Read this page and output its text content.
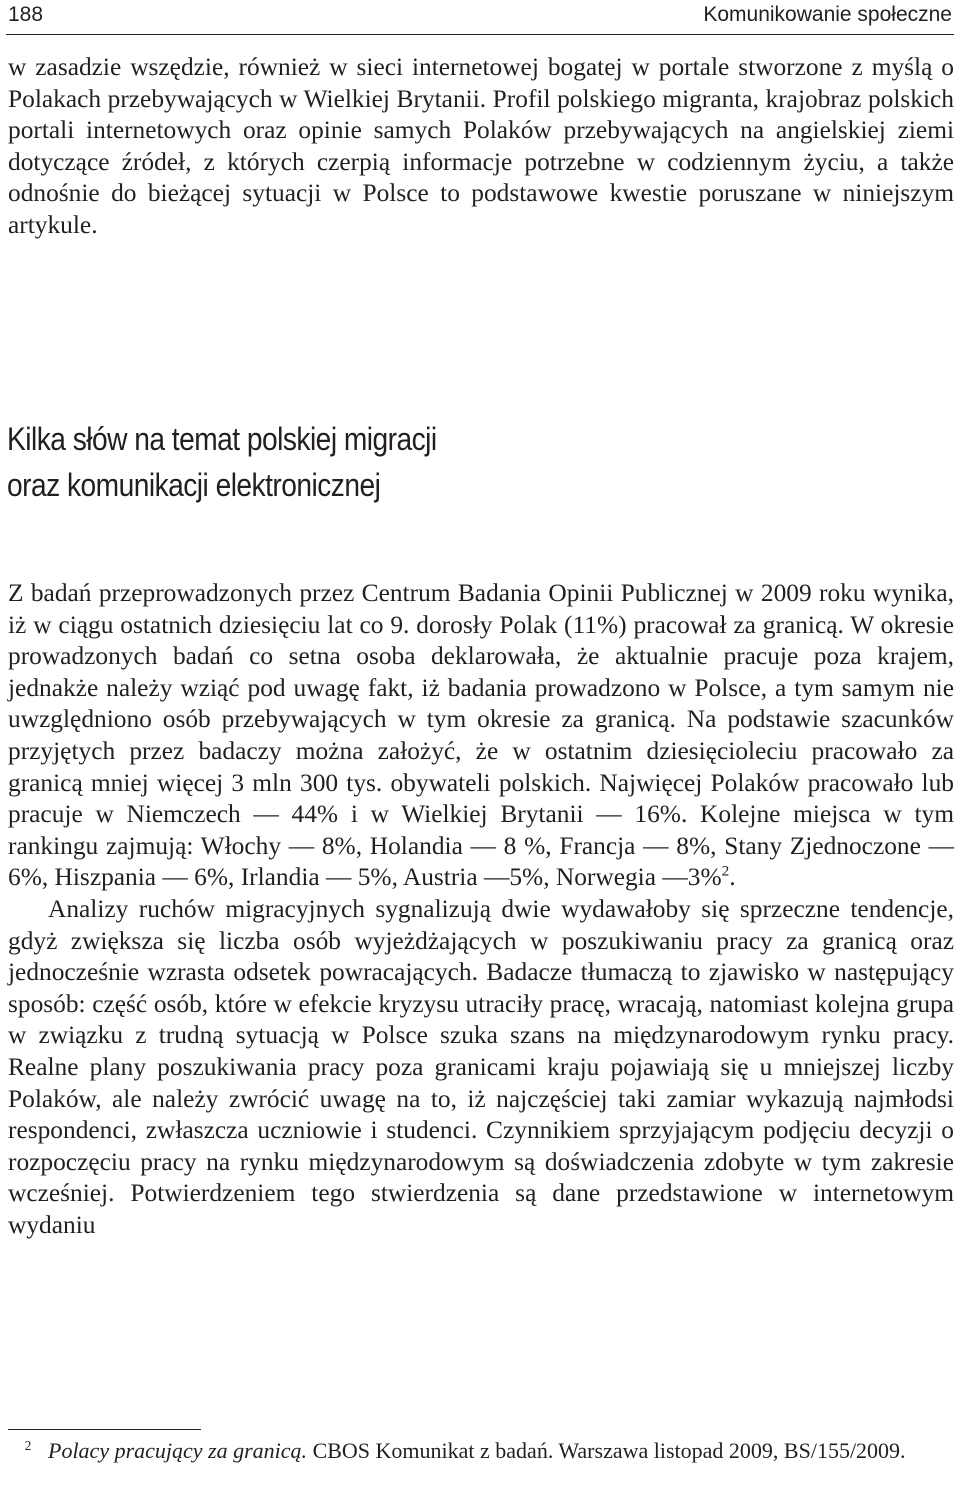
188	Komunikowanie społeczne

w zasadzie wszędzie, również w sieci internetowej bogatej w portale stworzone z myślą o Polakach przebywających w Wielkiej Brytanii. Profil polskiego migranta, krajobraz polskich portali internetowych oraz opinie samych Polaków przebywających na angielskiej ziemi dotyczące źródeł, z których czerpią informacje potrzebne w codziennym życiu, a także odnośnie do bieżącej sytuacji w Polsce to podstawowe kwestie poruszane w niniejszym artykule.

Kilka słów na temat polskiej migracji
oraz komunikacji elektronicznej

Z badań przeprowadzonych przez Centrum Badania Opinii Publicznej w 2009 roku wynika, iż w ciągu ostatnich dziesięciu lat co 9. dorosły Polak (11%) pracował za granicą. W okresie prowadzonych badań co setna osoba deklarowała, że aktualnie pracuje poza krajem, jednakże należy wziąć pod uwagę fakt, iż badania prowadzono w Polsce, a tym samym nie uwzględniono osób przebywających w tym okresie za granicą. Na podstawie szacunków przyjętych przez badaczy można założyć, że w ostatnim dziesięcioleciu pracowało za granicą mniej więcej 3 mln 300 tys. obywateli polskich. Najwięcej Polaków pracowało lub pracuje w Niemczech — 44% i w Wielkiej Brytanii — 16%. Kolejne miejsca w tym rankingu zajmują: Włochy — 8%, Holandia — 8 %, Francja — 8%, Stany Zjednoczone — 6%, Hiszpania — 6%, Irlandia — 5%, Austria —5%, Norwegia —3%$^2$.

Analizy ruchów migracyjnych sygnalizują dwie wydawałoby się sprzeczne tendencje, gdyż zwiększa się liczba osób wyjeżdżających w poszukiwaniu pracy za granicą oraz jednocześnie wzrasta odsetek powracających. Badacze tłumaczą to zjawisko w następujący sposób: część osób, które w efekcie kryzysu utraciły pracę, wracają, natomiast kolejna grupa w związku z trudną sytuacją w Polsce szuka szans na międzynarodowym rynku pracy. Realne plany poszukiwania pracy poza granicami kraju pojawiają się u mniejszej liczby Polaków, ale należy zwrócić uwagę na to, iż najczęściej taki zamiar wykazują najmłodsi respondenci, zwłaszcza uczniowie i studenci. Czynnikiem sprzyjającym podjęciu decyzji o rozpoczęciu pracy na rynku międzynarodowym są doświadczenia zdobyte w tym zakresie wcześniej. Potwierdzeniem tego stwierdzenia są dane przedstawione w internetowym wydaniu

$^2$ Polacy pracujący za granicą. CBOS Komunikat z badań. Warszawa listopad 2009, BS/155/2009.
